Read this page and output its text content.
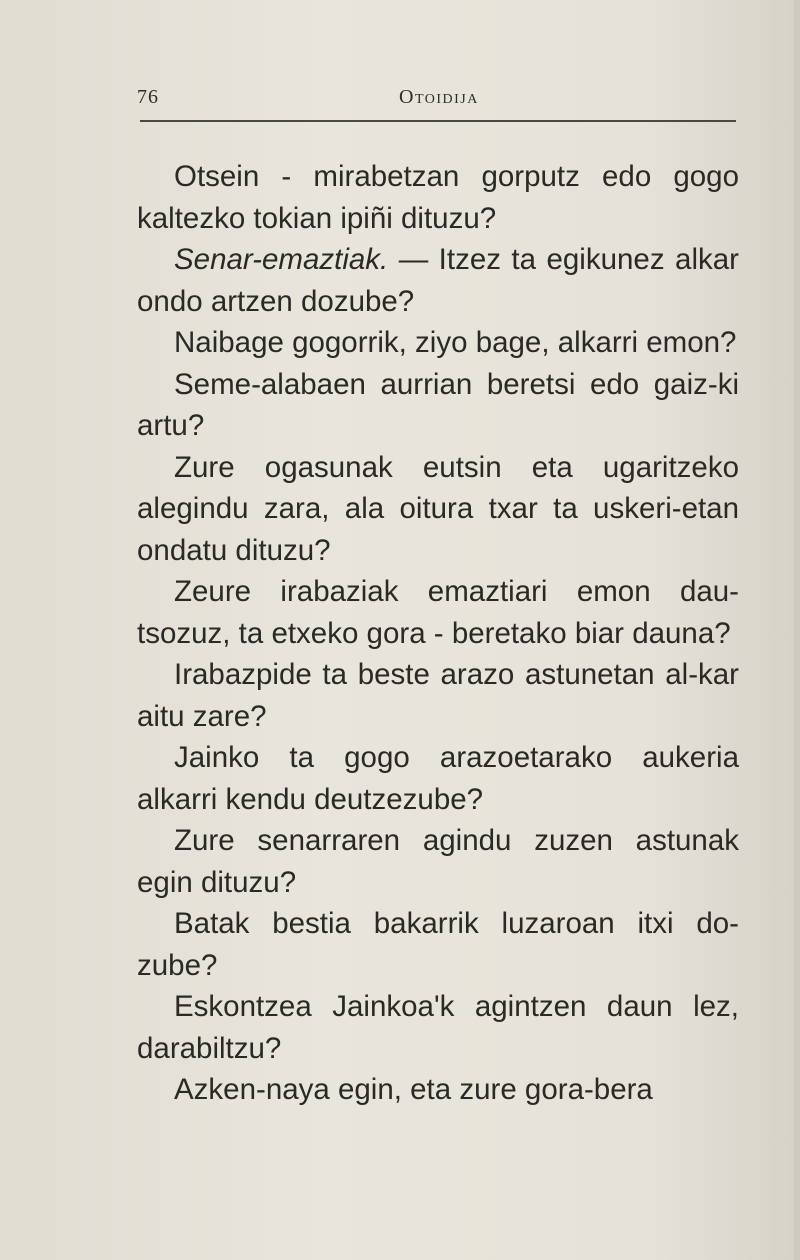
76	Otoidija

Otsein - mirabetzan gorputz edo gogo kaltezko tokian ipiñi dituzu?

Senar-emaztiak. — Itzez ta egikunez alkar ondo artzen dozube?

Naibage gogorrik, ziyo bage, alkarri emon?

Seme-alabaen aurrian beretsi edo gaiz-ki artu?

Zure ogasunak eutsin eta ugaritzeko alegindu zara, ala oitura txar ta uskeri-etan ondatu dituzu?

Zeure irabaziak emaztiari emon dau-tsozuz, ta etxeko gora - beretako biar dauna?

Irabazpide ta beste arazo astunetan al-kar aitu zare?

Jainko ta gogo arazoetarako aukeria alkarri kendu deutzezube?

Zure senarraren agindu zuzen astunak egin dituzu?

Batak bestia bakarrik luzaroan itxi do-zube?

Eskontzea Jainkoa'k agintzen daun lez, darabiltzu?

Azken-naya egin, eta zure gora-bera
